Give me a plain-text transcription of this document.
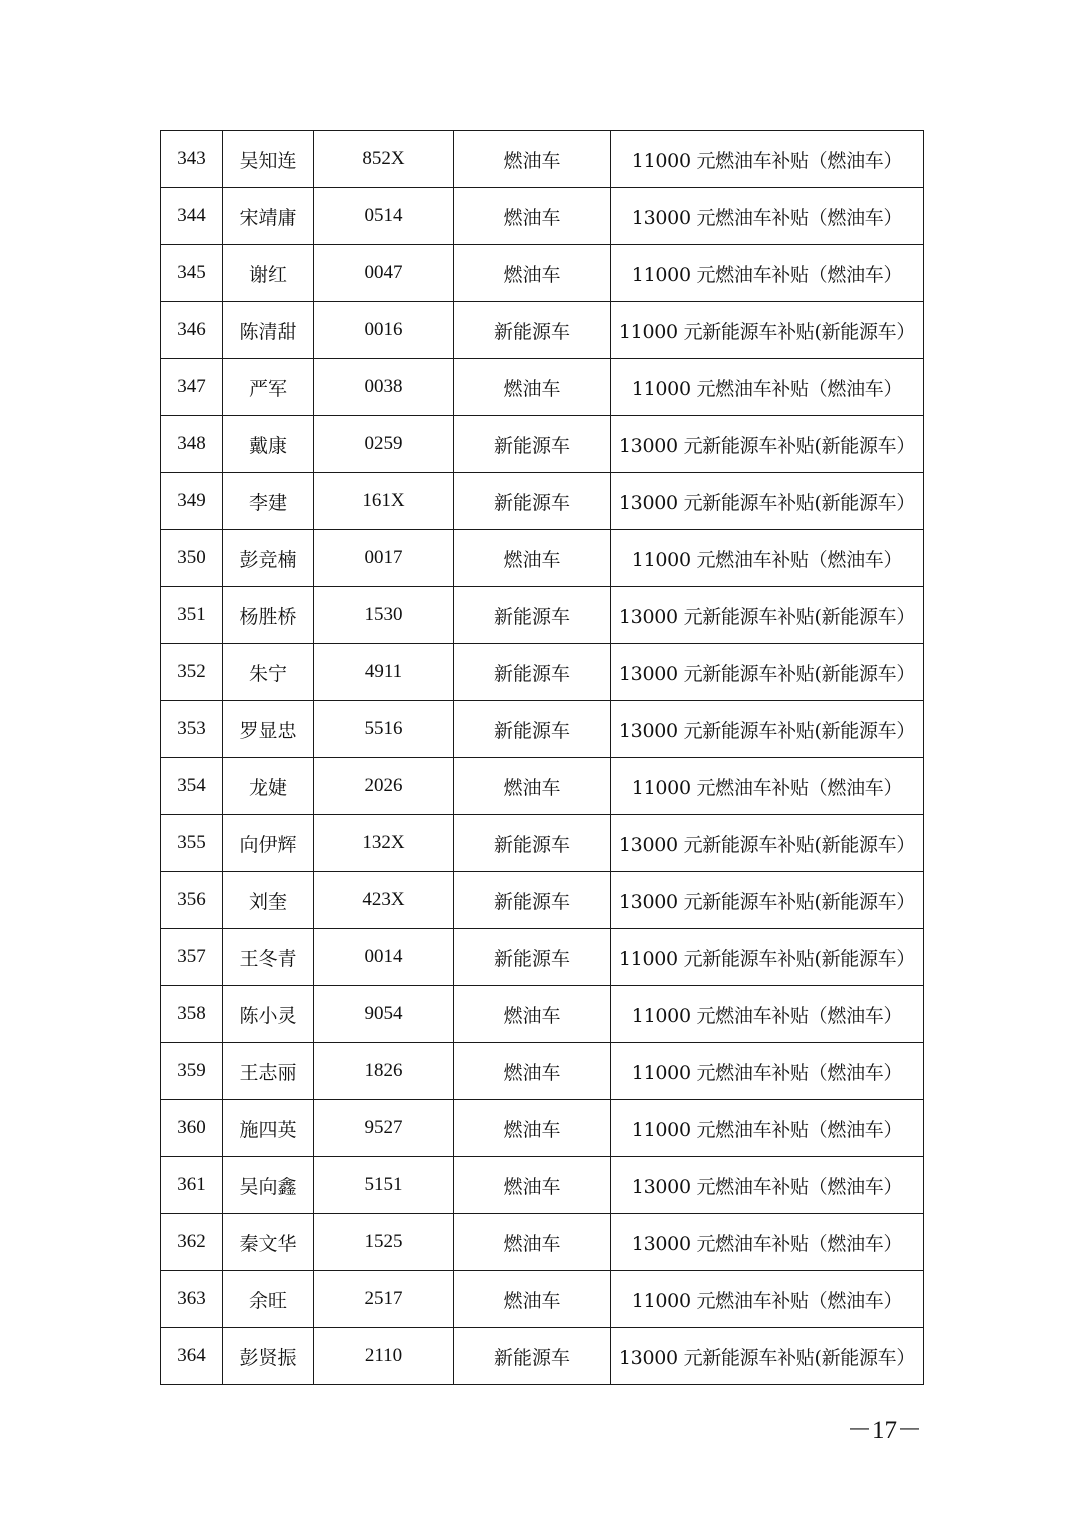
343	吴知连	852X	燃油车	11000 元燃油车补贴（燃油车）
344	宋靖庸	0514	燃油车	13000 元燃油车补贴（燃油车）
345	谢红	0047	燃油车	11000 元燃油车补贴（燃油车）
346	陈清甜	0016	新能源车	11000 元新能源车补贴(新能源车）
347	严军	0038	燃油车	11000 元燃油车补贴（燃油车）
348	戴康	0259	新能源车	13000 元新能源车补贴(新能源车）
349	李建	161X	新能源车	13000 元新能源车补贴(新能源车）
350	彭竞楠	0017	燃油车	11000 元燃油车补贴（燃油车）
351	杨胜桥	1530	新能源车	13000 元新能源车补贴(新能源车）
352	朱宁	4911	新能源车	13000 元新能源车补贴(新能源车）
353	罗显忠	5516	新能源车	13000 元新能源车补贴(新能源车）
354	龙婕	2026	燃油车	11000 元燃油车补贴（燃油车）
355	向伊辉	132X	新能源车	13000 元新能源车补贴(新能源车）
356	刘奎	423X	新能源车	13000 元新能源车补贴(新能源车）
357	王冬青	0014	新能源车	11000 元新能源车补贴(新能源车）
358	陈小灵	9054	燃油车	11000 元燃油车补贴（燃油车）
359	王志丽	1826	燃油车	11000 元燃油车补贴（燃油车）
360	施四英	9527	燃油车	11000 元燃油车补贴（燃油车）
361	吴向鑫	5151	燃油车	13000 元燃油车补贴（燃油车）
362	秦文华	1525	燃油车	13000 元燃油车补贴（燃油车）
363	余旺	2517	燃油车	11000 元燃油车补贴（燃油车）
364	彭贤振	2110	新能源车	13000 元新能源车补贴(新能源车）
－17－
